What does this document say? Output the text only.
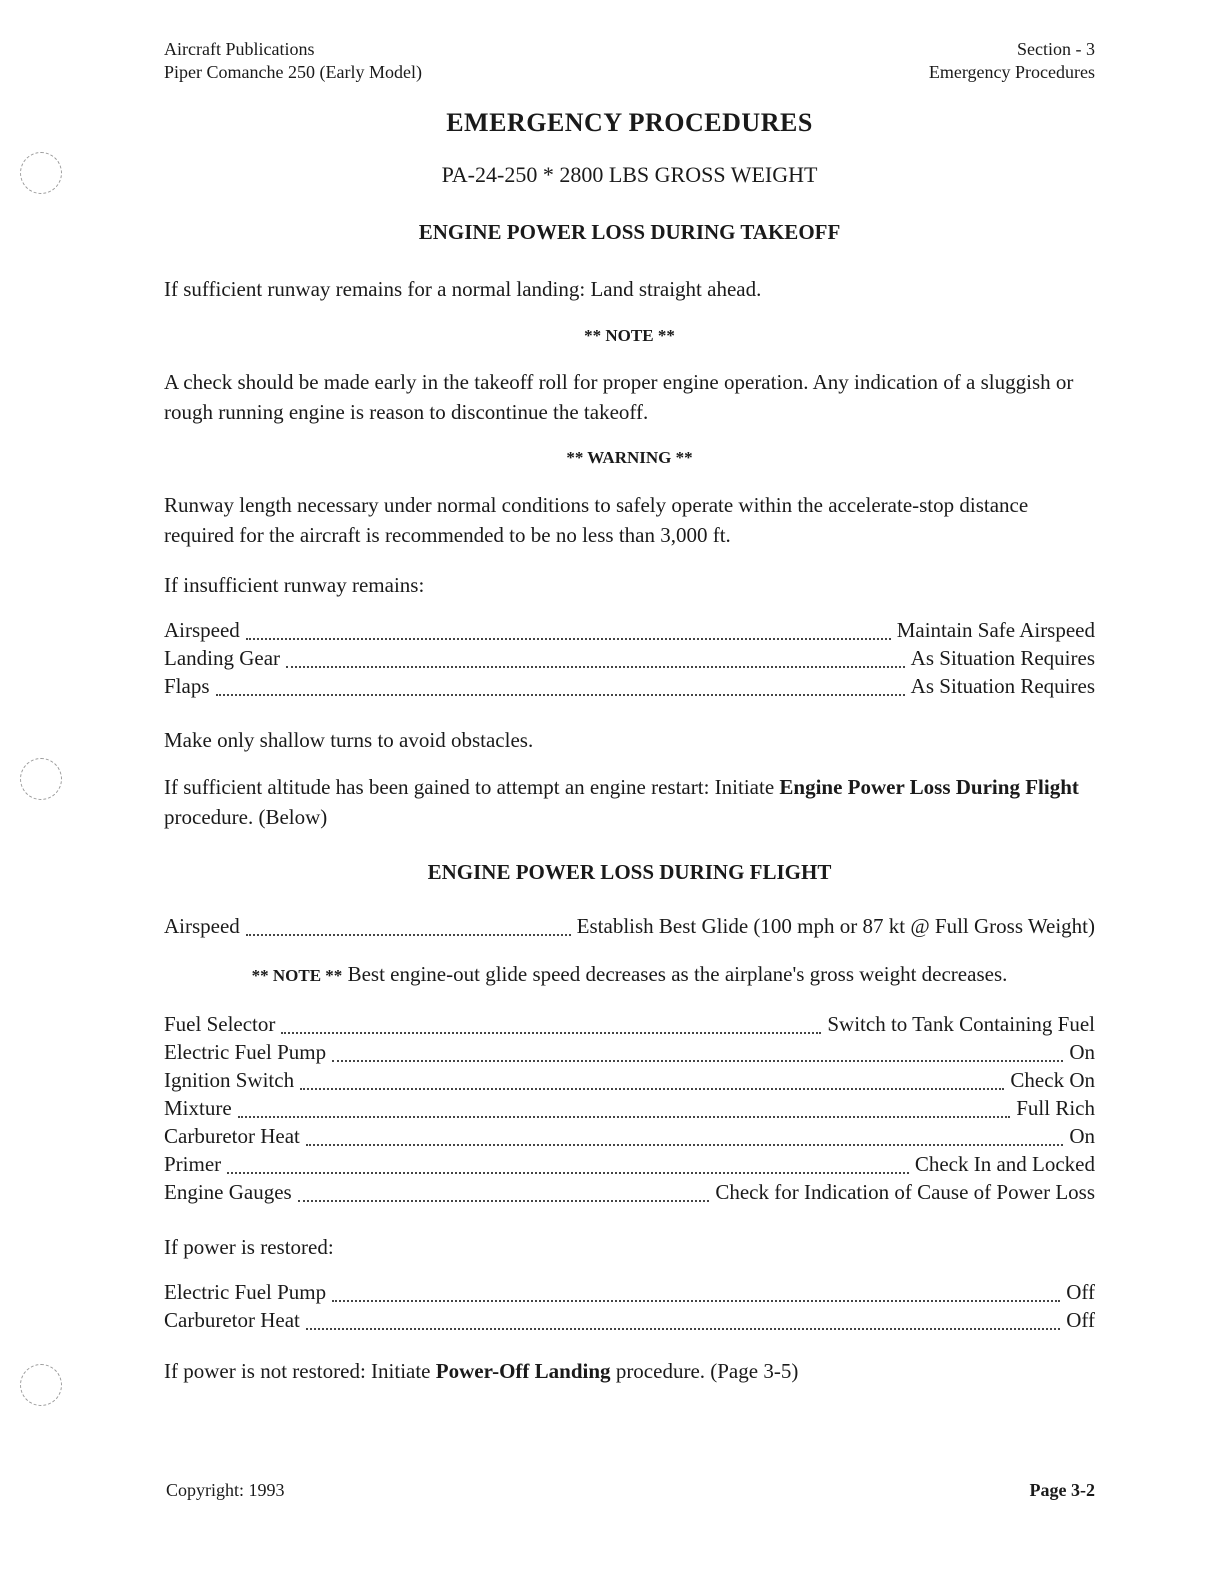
Aircraft Publications
Piper Comanche 250 (Early Model)
Section - 3
Emergency Procedures
EMERGENCY PROCEDURES
PA-24-250 * 2800 LBS GROSS WEIGHT
ENGINE POWER LOSS DURING TAKEOFF
If sufficient runway remains for a normal landing: Land straight ahead.
** NOTE **
A check should be made early in the takeoff roll for proper engine operation. Any indication of a sluggish or rough running engine is reason to discontinue the takeoff.
** WARNING **
Runway length necessary under normal conditions to safely operate within the accelerate-stop distance required for the aircraft is recommended to be no less than 3,000 ft.
If insufficient runway remains:
Airspeed	Maintain Safe Airspeed
Landing Gear	As Situation Requires
Flaps	As Situation Requires
Make only shallow turns to avoid obstacles.
If sufficient altitude has been gained to attempt an engine restart: Initiate Engine Power Loss During Flight procedure. (Below)
ENGINE POWER LOSS DURING FLIGHT
Airspeed	Establish Best Glide (100 mph or 87 kt @ Full Gross Weight)
** NOTE ** Best engine-out glide speed decreases as the airplane's gross weight decreases.
Fuel Selector	Switch to Tank Containing Fuel
Electric Fuel Pump	On
Ignition Switch	Check On
Mixture	Full Rich
Carburetor Heat	On
Primer	Check In and Locked
Engine Gauges	Check for Indication of Cause of Power Loss
If power is restored:
Electric Fuel Pump	Off
Carburetor Heat	Off
If power is not restored: Initiate Power-Off Landing procedure. (Page 3-5)
Copyright: 1993	Page 3-2
